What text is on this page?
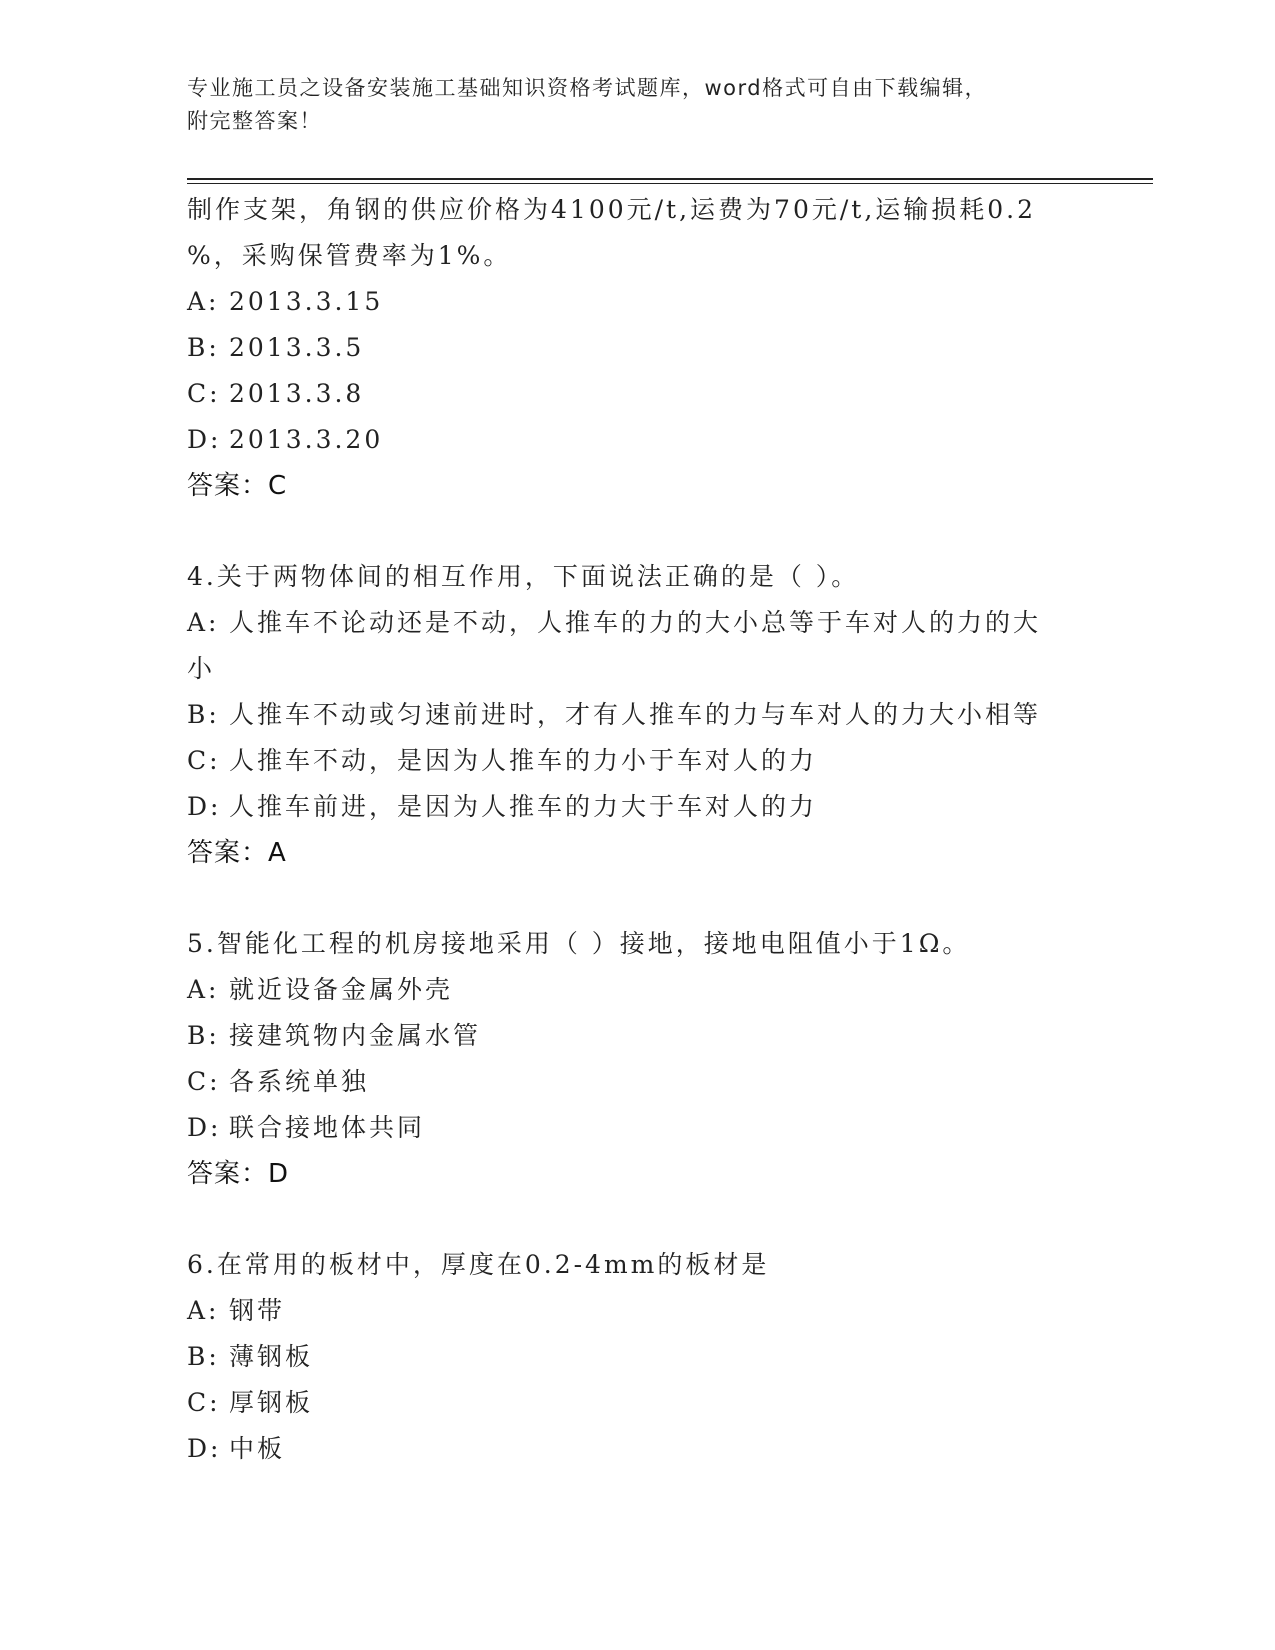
专业施工员之设备安装施工基础知识资格考试题库，word格式可自由下载编辑，
附完整答案！
制作支架，角钢的供应价格为4100元/t,运费为70元/t,运输损耗0.2
%，采购保管费率为1%。
A: 2013.3.15
B: 2013.3.5
C: 2013.3.8
D: 2013.3.20
答案：C
4.关于两物体间的相互作用，下面说法正确的是（ ）。
A: 人推车不论动还是不动，人推车的力的大小总等于车对人的力的大
小
B: 人推车不动或匀速前进时，才有人推车的力与车对人的力大小相等
C: 人推车不动，是因为人推车的力小于车对人的力
D: 人推车前进，是因为人推车的力大于车对人的力
答案：A
5.智能化工程的机房接地采用（ ）接地，接地电阻值小于1Ω。
A: 就近设备金属外壳
B: 接建筑物内金属水管
C: 各系统单独
D: 联合接地体共同
答案：D
6.在常用的板材中，厚度在0.2-4mm的板材是
A: 钢带
B: 薄钢板
C: 厚钢板
D: 中板
